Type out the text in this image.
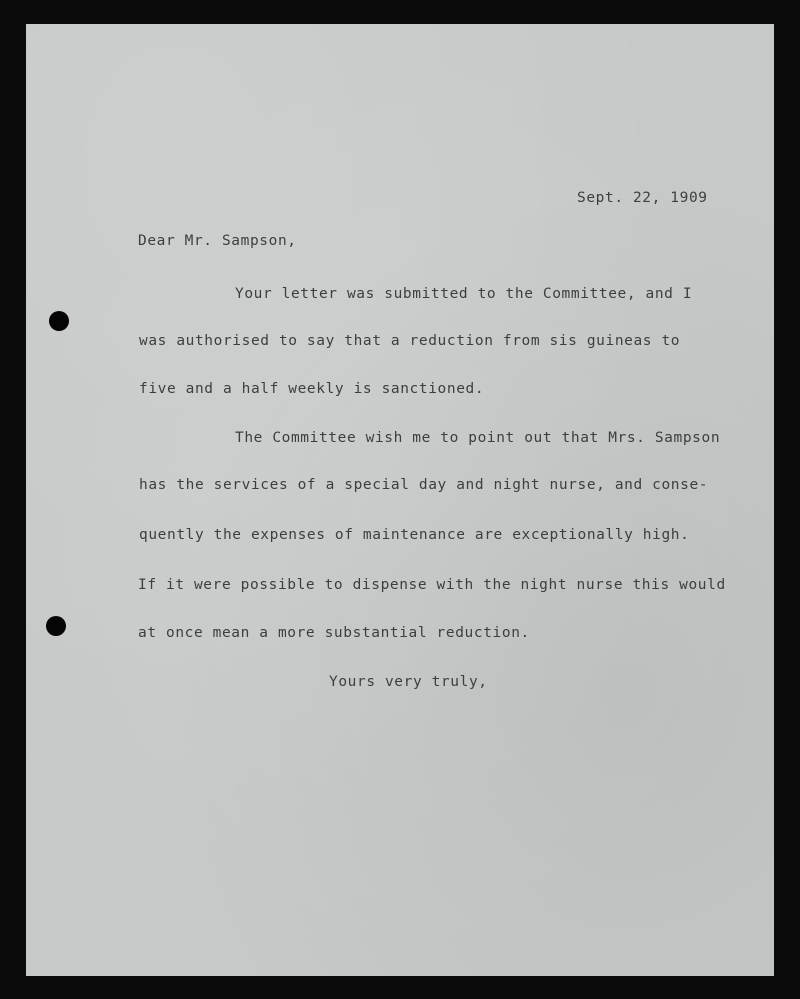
Sept. 22, 1909
Dear Mr. Sampson,
Your letter was submitted to the Committee, and I
was authorised to say that a reduction from sis guineas to
five and a half weekly is sanctioned.
The Committee wish me to point out that Mrs. Sampson
has the services of a special day and night nurse, and conse-
quently the expenses of maintenance are exceptionally high.
If it were possible to dispense with the night nurse this would
at once mean a more substantial reduction.
Yours very truly,
